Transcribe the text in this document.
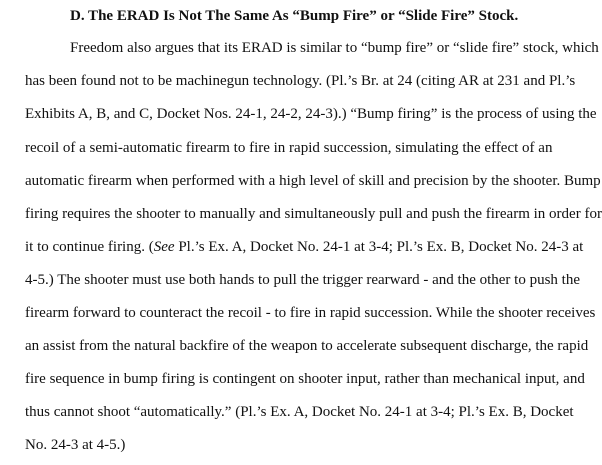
D. The ERAD Is Not The Same As “Bump Fire” or “Slide Fire” Stock.
Freedom also argues that its ERAD is similar to “bump fire” or “slide fire” stock, which
has been found not to be machinegun technology. (Pl.’s Br. at 24 (citing AR at 231 and Pl.’s
Exhibits A, B, and C, Docket Nos. 24-1, 24-2, 24-3).) “Bump firing” is the process of using the
recoil of a semi-automatic firearm to fire in rapid succession, simulating the effect of an
automatic firearm when performed with a high level of skill and precision by the shooter. Bump
firing requires the shooter to manually and simultaneously pull and push the firearm in order for
it to continue firing. (See Pl.’s Ex. A, Docket No. 24-1 at 3-4; Pl.’s Ex. B, Docket No. 24-3 at
4-5.) The shooter must use both hands to pull the trigger rearward - and the other to push the
firearm forward to counteract the recoil - to fire in rapid succession. While the shooter receives
an assist from the natural backfire of the weapon to accelerate subsequent discharge, the rapid
fire sequence in bump firing is contingent on shooter input, rather than mechanical input, and
thus cannot shoot “automatically.” (Pl.’s Ex. A, Docket No. 24-1 at 3-4; Pl.’s Ex. B, Docket
No. 24-3 at 4-5.)
